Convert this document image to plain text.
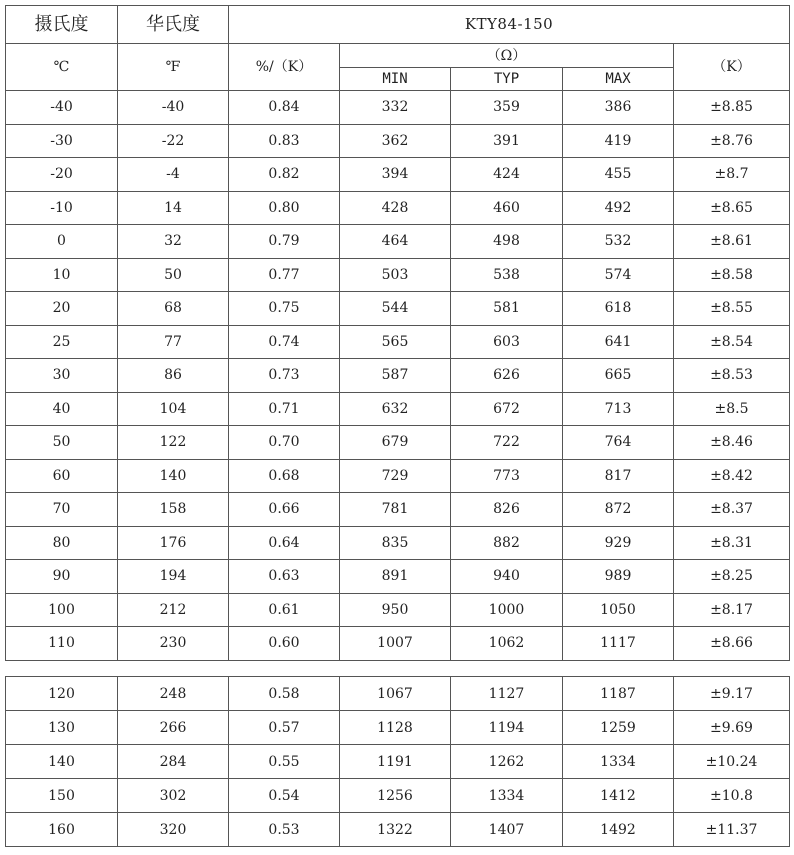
摄氏度	华氏度	KTY84-150				
℃	℉	%/（K）	（Ω）			（K）
			MIN	TYP	MAX	
-40	-40	0.84	332	359	386	±8.85
-30	-22	0.83	362	391	419	±8.76
-20	-4	0.82	394	424	455	±8.7
-10	14	0.80	428	460	492	±8.65
0	32	0.79	464	498	532	±8.61
10	50	0.77	503	538	574	±8.58
20	68	0.75	544	581	618	±8.55
25	77	0.74	565	603	641	±8.54
30	86	0.73	587	626	665	±8.53
40	104	0.71	632	672	713	±8.5
50	122	0.70	679	722	764	±8.46
60	140	0.68	729	773	817	±8.42
70	158	0.66	781	826	872	±8.37
80	176	0.64	835	882	929	±8.31
90	194	0.63	891	940	989	±8.25
100	212	0.61	950	1000	1050	±8.17
110	230	0.60	1007	1062	1117	±8.66
120	248	0.58	1067	1127	1187	±9.17
130	266	0.57	1128	1194	1259	±9.69
140	284	0.55	1191	1262	1334	±10.24
150	302	0.54	1256	1334	1412	±10.8
160	320	0.53	1322	1407	1492	±11.37
